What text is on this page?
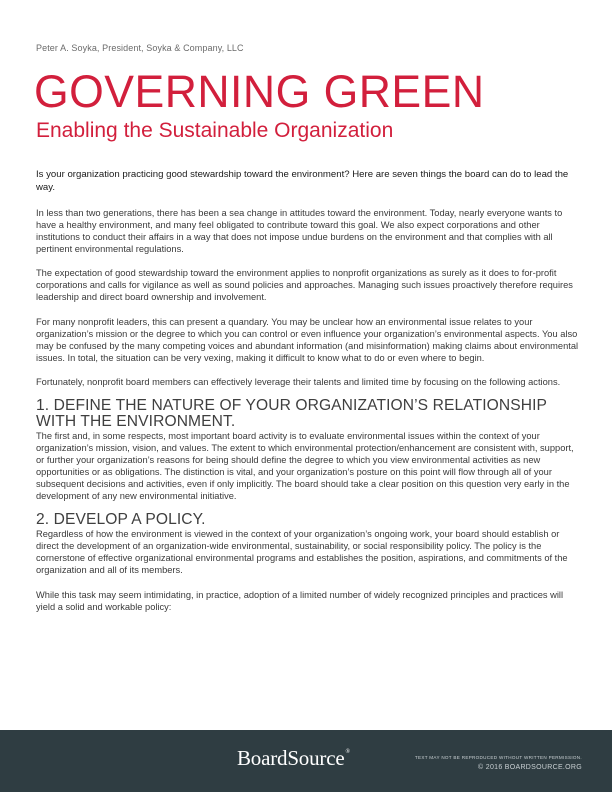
Peter A. Soyka, President, Soyka & Company, LLC
GOVERNING GREEN
Enabling the Sustainable Organization

Is your organization practicing good stewardship toward the environment? Here are seven things the board can do to lead the way.

In less than two generations, there has been a sea change in attitudes toward the environment. Today, nearly everyone wants to have a healthy environment, and many feel obligated to contribute toward this goal. We also expect corporations and other institutions to conduct their affairs in a way that does not impose undue burdens on the environment and that complies with all pertinent environmental regulations.

The expectation of good stewardship toward the environment applies to nonprofit organizations as surely as it does to for-profit corporations and calls for vigilance as well as sound policies and approaches. Managing such issues proactively therefore requires leadership and direct board ownership and involvement.

For many nonprofit leaders, this can present a quandary. You may be unclear how an environmental issue relates to your organization’s mission or the degree to which you can control or even influence your organization’s environmental aspects. You also may be confused by the many competing voices and abundant information (and misinformation) making claims about environmental issues. In total, the situation can be very vexing, making it difficult to know what to do or even where to begin.

Fortunately, nonprofit board members can effectively leverage their talents and limited time by focusing on the following actions.

1. DEFINE THE NATURE OF YOUR ORGANIZATION’S RELATIONSHIP WITH THE ENVIRONMENT.

The first and, in some respects, most important board activity is to evaluate environmental issues within the context of your organization’s mission, vision, and values. The extent to which environmental protection/enhancement are consistent with, support, or further your organization’s reasons for being should define the degree to which you view environmental activities as new opportunities or as obligations. The distinction is vital, and your organization’s posture on this point will flow through all of your subsequent decisions and activities, even if only implicitly. The board should take a clear position on this question very early in the development of any new environmental initiative.

2. DEVELOP A POLICY.

Regardless of how the environment is viewed in the context of your organization’s ongoing work, your board should establish or direct the development of an organization-wide environmental, sustainability, or social responsibility policy. The policy is the cornerstone of effective organizational environmental programs and establishes the position, aspirations, and commitments of the organization and all of its members.

While this task may seem intimidating, in practice, adoption of a limited number of widely recognized principles and practices will yield a solid and workable policy:

BoardSource®
TEXT MAY NOT BE REPRODUCED WITHOUT WRITTEN PERMISSION.
© 2016 BOARDSOURCE.ORG
